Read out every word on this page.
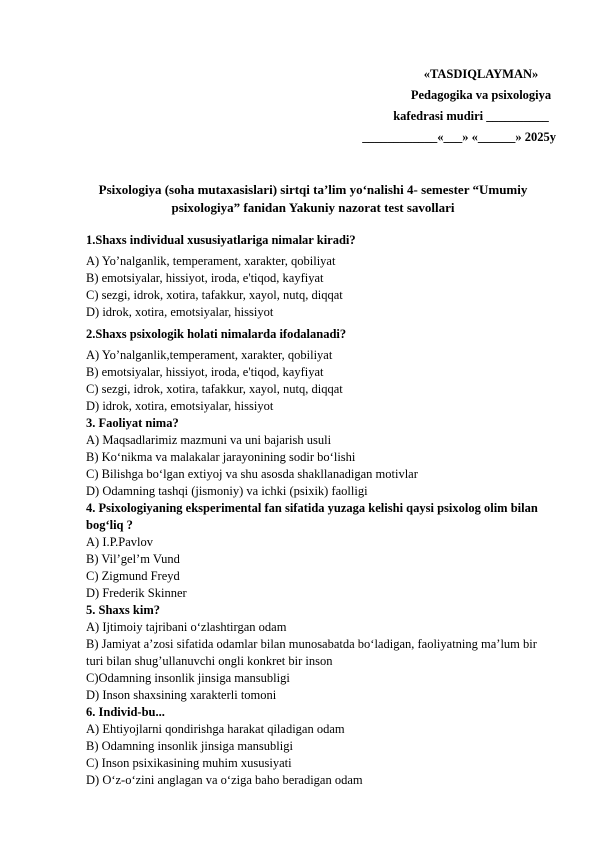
«TASDIQLAYMAN»
Pedagogika va psixologiya
kafedrasi mudiri __________
____________«___» «______» 2025y
Psixologiya (soha mutaxasislari) sirtqi ta’lim yo‘nalishi 4- semester “Umumiy psixologiya” fanidan Yakuniy nazorat test savollari
1.Shaxs individual xususiyatlariga nimalar kiradi?
A) Yo’nalganlik, temperament, xarakter, qobiliyat
B) emotsiyalar, hissiyot, iroda, e'tiqod, kayfiyat
C) sezgi, idrok, xotira, tafakkur, xayol, nutq, diqqat
D) idrok, xotira, emotsiyalar, hissiyot
2.Shaxs psixologik holati nimalarda ifodalanadi?
A) Yo’nalganlik,temperament, xarakter, qobiliyat
B) emotsiyalar, hissiyot, iroda, e'tiqod, kayfiyat
C) sezgi, idrok, xotira, tafakkur, xayol, nutq, diqqat
D) idrok, xotira, emotsiyalar, hissiyot
3. Faoliyat nima?
A) Maqsadlarimiz mazmuni va uni bajarish usuli
B) Ko‘nikma va malakalar jarayonining sodir bo‘lishi
C) Bilishga bo‘lgan extiyoj va shu asosda shakllanadigan motivlar
D) Odamning tashqi (jismoniy) va ichki (psixik) faolligi
4. Psixologiyaning eksperimental fan sifatida yuzaga kelishi qaysi psixolog olim bilan bog‘liq ?
A) I.P.Pavlov
B) Vil’gel’m Vund
C) Zigmund Freyd
D) Frederik Skinner
5. Shaxs kim?
A) Ijtimoiy tajribani o‘zlashtirgan odam
B) Jamiyat a’zosi sifatida odamlar bilan munosabatda bo‘ladigan, faoliyatning ma’lum bir turi bilan shug’ullanuvchi ongli konkret bir inson
C)Odamning insonlik jinsiga mansubligi
D) Inson shaxsining xarakterli tomoni
6. Individ-bu...
A) Ehtiyojlarni qondirishga harakat qiladigan odam
B) Odamning insonlik jinsiga mansubligi
C) Inson psixikasining muhim xususiyati
D) O‘z-o‘zini anglagan va o‘ziga baho beradigan odam
